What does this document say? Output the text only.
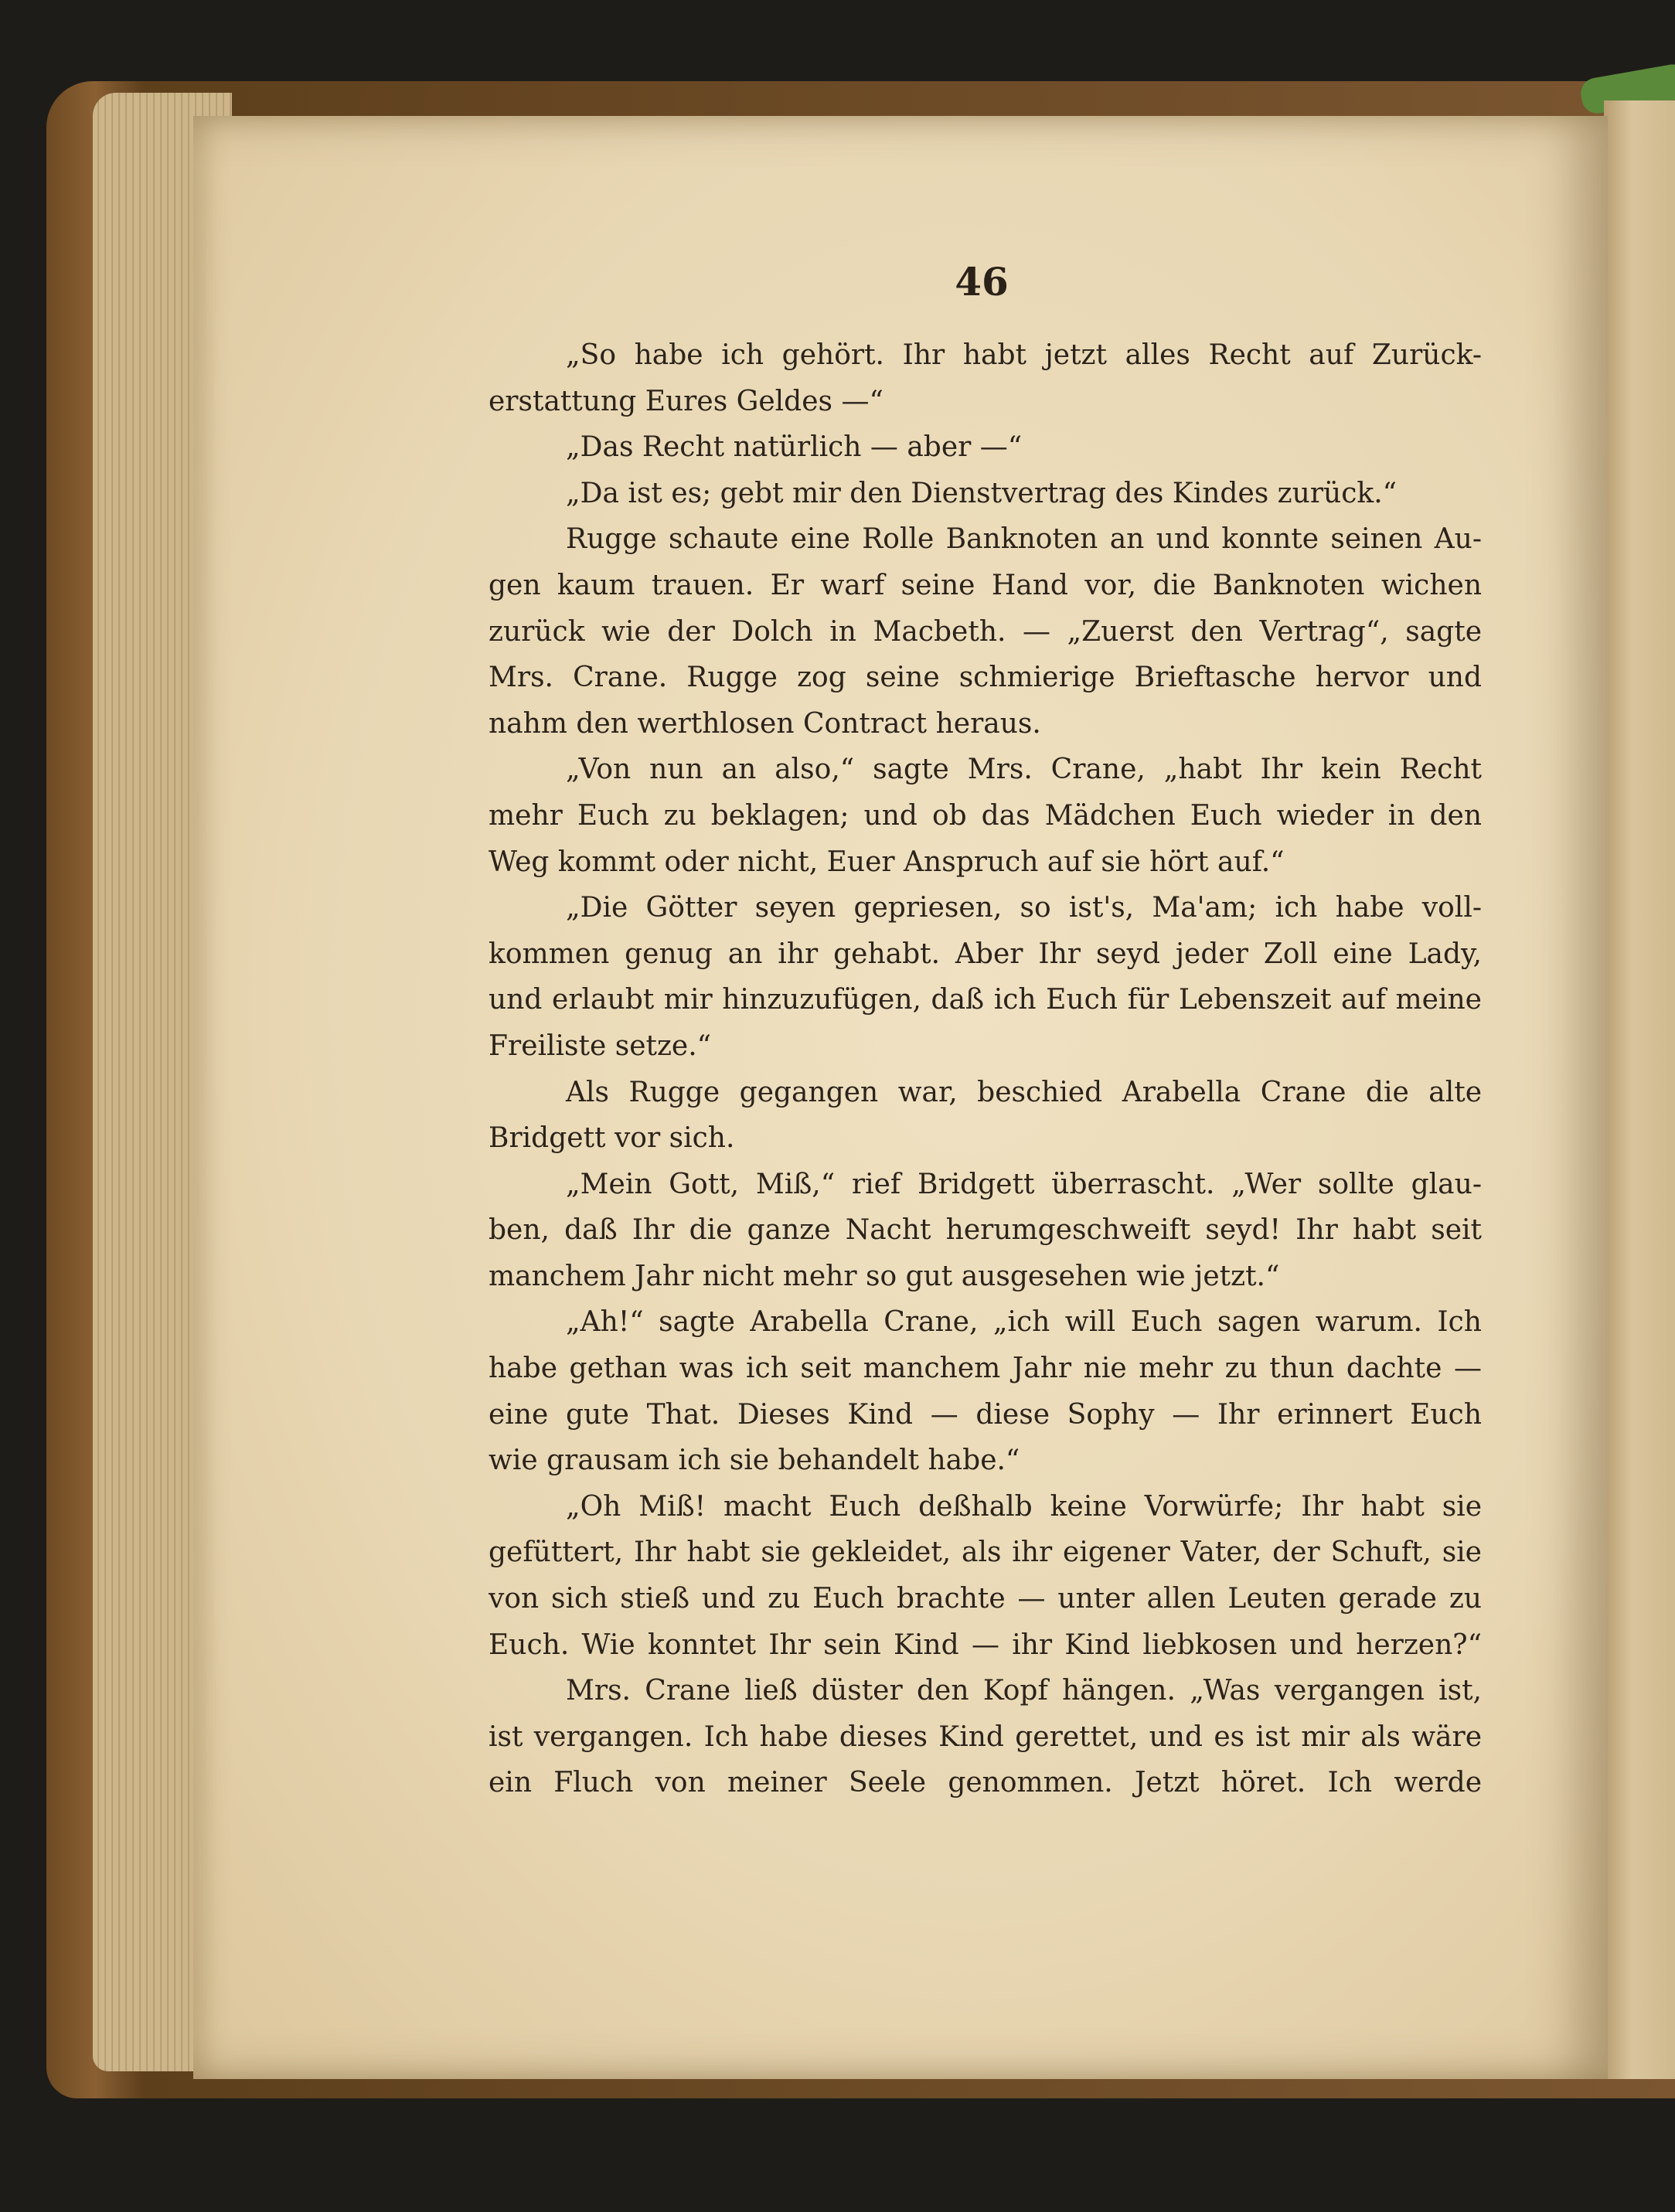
46
„So habe ich gehört. Ihr habt jetzt alles Recht auf Zurück-
erstattung Eures Geldes —“
„Das Recht natürlich — aber —“
„Da ist es; gebt mir den Dienstvertrag des Kindes zurück.“
Rugge schaute eine Rolle Banknoten an und konnte seinen Au-
gen kaum trauen. Er warf seine Hand vor, die Banknoten wichen
zurück wie der Dolch in Macbeth. — „Zuerst den Vertrag“, sagte
Mrs. Crane. Rugge zog seine schmierige Brieftasche hervor und
nahm den werthlosen Contract heraus.
„Von nun an also,“ sagte Mrs. Crane, „habt Ihr kein Recht
mehr Euch zu beklagen; und ob das Mädchen Euch wieder in den
Weg kommt oder nicht, Euer Anspruch auf sie hört auf.“
„Die Götter seyen gepriesen, so ist's, Ma'am; ich habe voll-
kommen genug an ihr gehabt. Aber Ihr seyd jeder Zoll eine Lady,
und erlaubt mir hinzuzufügen, daß ich Euch für Lebenszeit auf meine
Freiliste setze.“
Als Rugge gegangen war, beschied Arabella Crane die alte
Bridgett vor sich.
„Mein Gott, Miß,“ rief Bridgett überrascht. „Wer sollte glau-
ben, daß Ihr die ganze Nacht herumgeschweift seyd! Ihr habt seit
manchem Jahr nicht mehr so gut ausgesehen wie jetzt.“
„Ah!“ sagte Arabella Crane, „ich will Euch sagen warum. Ich
habe gethan was ich seit manchem Jahr nie mehr zu thun dachte —
eine gute That. Dieses Kind — diese Sophy — Ihr erinnert Euch
wie grausam ich sie behandelt habe.“
„Oh Miß! macht Euch deßhalb keine Vorwürfe; Ihr habt sie
gefüttert, Ihr habt sie gekleidet, als ihr eigener Vater, der Schuft, sie
von sich stieß und zu Euch brachte — unter allen Leuten gerade zu
Euch. Wie konntet Ihr sein Kind — ihr Kind liebkosen und herzen?“
Mrs. Crane ließ düster den Kopf hängen. „Was vergangen ist,
ist vergangen. Ich habe dieses Kind gerettet, und es ist mir als wäre
ein Fluch von meiner Seele genommen. Jetzt höret. Ich werde
